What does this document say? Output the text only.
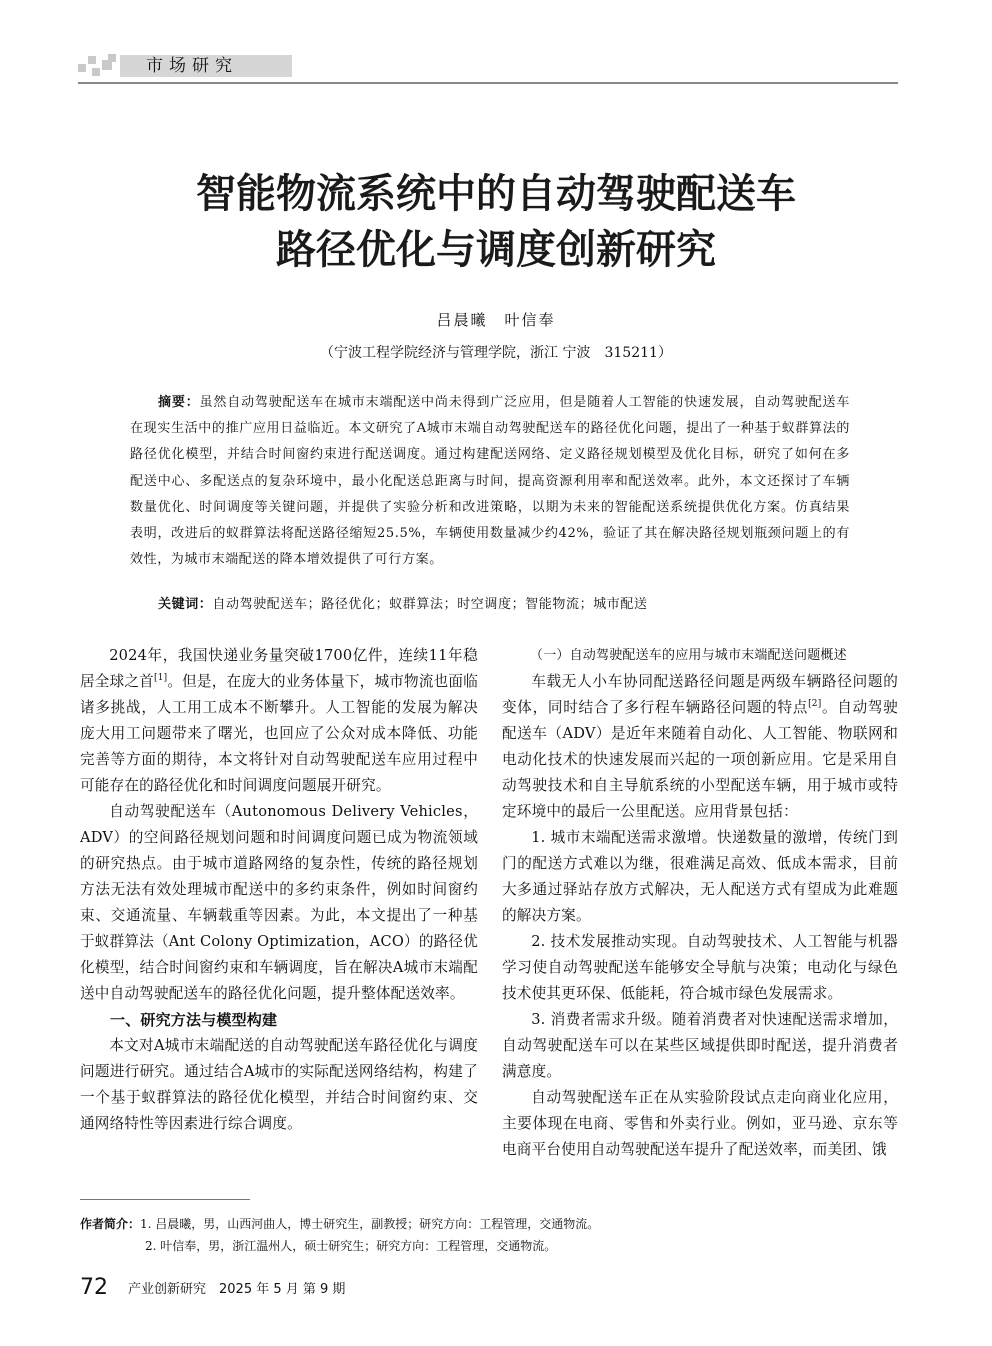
市场研究
智能物流系统中的自动驾驶配送车
路径优化与调度创新研究
吕晨曦　叶信奉
（宁波工程学院经济与管理学院，浙江 宁波　315211）
摘要：虽然自动驾驶配送车在城市末端配送中尚未得到广泛应用，但是随着人工智能的快速发展，自动驾驶配送车在现实生活中的推广应用日益临近。本文研究了A城市末端自动驾驶配送车的路径优化问题，提出了一种基于蚁群算法的路径优化模型，并结合时间窗约束进行配送调度。通过构建配送网络、定义路径规划模型及优化目标，研究了如何在多配送中心、多配送点的复杂环境中，最小化配送总距离与时间，提高资源利用率和配送效率。此外，本文还探讨了车辆数量优化、时间调度等关键问题，并提供了实验分析和改进策略，以期为未来的智能配送系统提供优化方案。仿真结果表明，改进后的蚁群算法将配送路径缩短25.5%，车辆使用数量减少约42%，验证了其在解决路径规划瓶颈问题上的有效性，为城市末端配送的降本增效提供了可行方案。
关键词：自动驾驶配送车；路径优化；蚁群算法；时空调度；智能物流；城市配送

2024年，我国快递业务量突破1700亿件，连续11年稳居全球之首[1]。但是，在庞大的业务体量下，城市物流也面临诸多挑战，人工用工成本不断攀升。人工智能的发展为解决庞大用工问题带来了曙光，也回应了公众对成本降低、功能完善等方面的期待，本文将针对自动驾驶配送车应用过程中可能存在的路径优化和时间调度问题展开研究。

自动驾驶配送车（Autonomous Delivery Vehicles，ADV）的空间路径规划问题和时间调度问题已成为物流领域的研究热点。由于城市道路网络的复杂性，传统的路径规划方法无法有效处理城市配送中的多约束条件，例如时间窗约束、交通流量、车辆载重等因素。为此，本文提出了一种基于蚁群算法（Ant Colony Optimization，ACO）的路径优化模型，结合时间窗约束和车辆调度，旨在解决A城市末端配送中自动驾驶配送车的路径优化问题，提升整体配送效率。

一、研究方法与模型构建

本文对A城市末端配送的自动驾驶配送车路径优化与调度问题进行研究。通过结合A城市的实际配送网络结构，构建了一个基于蚁群算法的路径优化模型，并结合时间窗约束、交通网络特性等因素进行综合调度。

（一）自动驾驶配送车的应用与城市末端配送问题概述

车载无人小车协同配送路径问题是两级车辆路径问题的变体，同时结合了多行程车辆路径问题的特点[2]。自动驾驶配送车（ADV）是近年来随着自动化、人工智能、物联网和电动化技术的快速发展而兴起的一项创新应用。它是采用自动驾驶技术和自主导航系统的小型配送车辆，用于城市或特定环境中的最后一公里配送。应用背景包括：

1. 城市末端配送需求激增。快递数量的激增，传统门到门的配送方式难以为继，很难满足高效、低成本需求，目前大多通过驿站存放方式解决，无人配送方式有望成为此难题的解决方案。

2. 技术发展推动实现。自动驾驶技术、人工智能与机器学习使自动驾驶配送车能够安全导航与决策；电动化与绿色技术使其更环保、低能耗，符合城市绿色发展需求。

3. 消费者需求升级。随着消费者对快速配送需求增加，自动驾驶配送车可以在某些区域提供即时配送，提升消费者满意度。

自动驾驶配送车正在从实验阶段试点走向商业化应用，主要体现在电商、零售和外卖行业。例如，亚马逊、京东等电商平台使用自动驾驶配送车提升了配送效率，而美团、饿

作者简介：1. 吕晨曦，男，山西河曲人，博士研究生，副教授；研究方向：工程管理，交通物流。
2. 叶信奉，男，浙江温州人，硕士研究生；研究方向：工程管理，交通物流。
72 产业创新研究　2025 年 5 月 第 9 期
